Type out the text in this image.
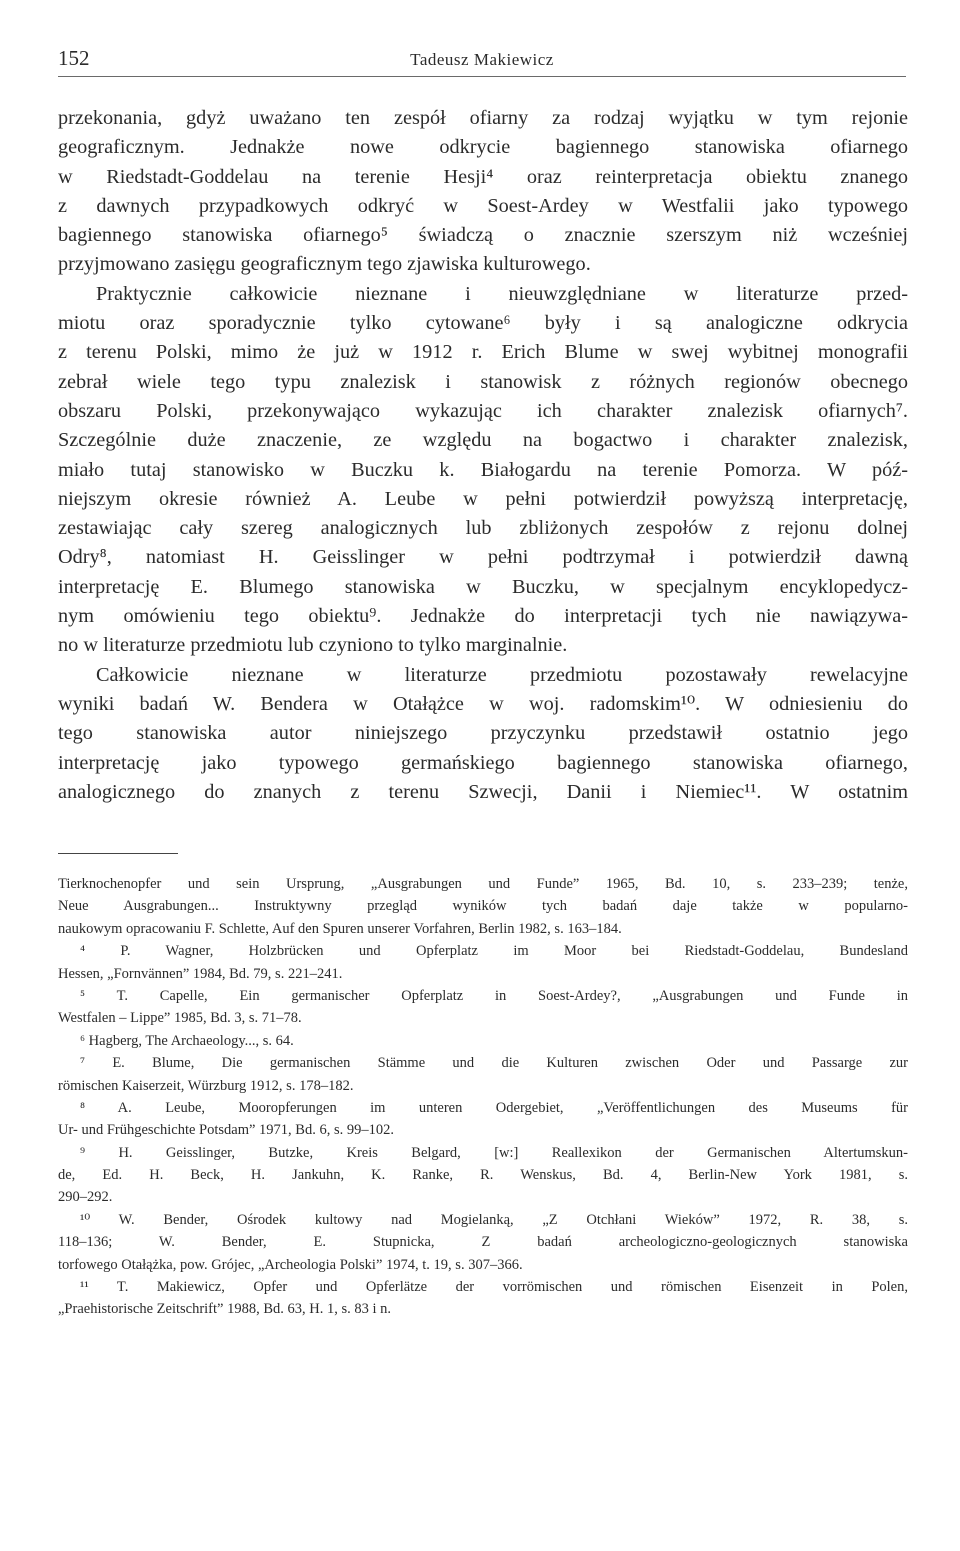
152	Tadeusz Makiewicz
przekonania, gdyż uważano ten zespół ofiarny za rodzaj wyjątku w tym rejonie
geograficznym. Jednakże nowe odkrycie bagiennego stanowiska ofiarnego
w Riedstadt-Goddelau na terenie Hesji⁴ oraz reinterpretacja obiektu znanego
z dawnych przypadkowych odkryć w Soest-Ardey w Westfalii jako typowego
bagiennego stanowiska ofiarnego⁵ świadczą o znacznie szerszym niż wcześniej
przyjmowano zasięgu geograficznym tego zjawiska kulturowego.
Praktycznie całkowicie nieznane i nieuwzględniane w literaturze przed-
miotu oraz sporadycznie tylko cytowane⁶ były i są analogiczne odkrycia
z terenu Polski, mimo że już w 1912 r. Erich Blume w swej wybitnej monografii
zebrał wiele tego typu znalezisk i stanowisk z różnych regionów obecnego
obszaru Polski, przekonywająco wykazując ich charakter znalezisk ofiarnych⁷.
Szczególnie duże znaczenie, ze względu na bogactwo i charakter znalezisk,
miało tutaj stanowisko w Buczku k. Białogardu na terenie Pomorza. W póź-
niejszym okresie również A. Leube w pełni potwierdził powyższą interpretację,
zestawiając cały szereg analogicznych lub zbliżonych zespołów z rejonu dolnej
Odry⁸, natomiast H. Geisslinger w pełni podtrzymał i potwierdził dawną
interpretację E. Blumego stanowiska w Buczku, w specjalnym encyklopedycz-
nym omówieniu tego obiektu⁹. Jednakże do interpretacji tych nie nawiązywa-
no w literaturze przedmiotu lub czyniono to tylko marginalnie.
Całkowicie nieznane w literaturze przedmiotu pozostawały rewelacyjne
wyniki badań W. Bendera w Otałążce w woj. radomskim¹⁰. W odniesieniu do
tego stanowiska autor niniejszego przyczynku przedstawił ostatnio jego
interpretację jako typowego germańskiego bagiennego stanowiska ofiarnego,
analogicznego do znanych z terenu Szwecji, Danii i Niemiec¹¹. W ostatnim
Tierknochenopfer und sein Ursprung, „Ausgrabungen und Funde” 1965, Bd. 10, s. 233–239; tenże,
Neue Ausgrabungen... Instruktywny przegląd wyników tych badań daje także w popularno-
naukowym opracowaniu F. Schlette, Auf den Spuren unserer Vorfahren, Berlin 1982, s. 163–184.
⁴ P. Wagner, Holzbrücken und Opferplatz im Moor bei Riedstadt-Goddelau, Bundesland
Hessen, „Fornvännen” 1984, Bd. 79, s. 221–241.
⁵ T. Capelle, Ein germanischer Opferplatz in Soest-Ardey?, „Ausgrabungen und Funde in
Westfalen – Lippe” 1985, Bd. 3, s. 71–78.
⁶ Hagberg, The Archaeology..., s. 64.
⁷ E. Blume, Die germanischen Stämme und die Kulturen zwischen Oder und Passarge zur
römischen Kaiserzeit, Würzburg 1912, s. 178–182.
⁸ A. Leube, Mooropferungen im unteren Odergebiet, „Veröffentlichungen des Museums für
Ur- und Frühgeschichte Potsdam” 1971, Bd. 6, s. 99–102.
⁹ H. Geisslinger, Butzke, Kreis Belgard, [w:] Reallexikon der Germanischen Altertumskun-
de, Ed. H. Beck, H. Jankuhn, K. Ranke, R. Wenskus, Bd. 4, Berlin-New York 1981, s.
290–292.
¹⁰ W. Bender, Ośrodek kultowy nad Mogielanką, „Z Otchłani Wieków” 1972, R. 38, s.
118–136; W. Bender, E. Stupnicka, Z badań archeologiczno-geologicznych stanowiska
torfowego Otałążka, pow. Grójec, „Archeologia Polski” 1974, t. 19, s. 307–366.
¹¹ T. Makiewicz, Opfer und Opferlätze der vorrömischen und römischen Eisenzeit in Polen,
„Praehistorische Zeitschrift” 1988, Bd. 63, H. 1, s. 83 i n.
